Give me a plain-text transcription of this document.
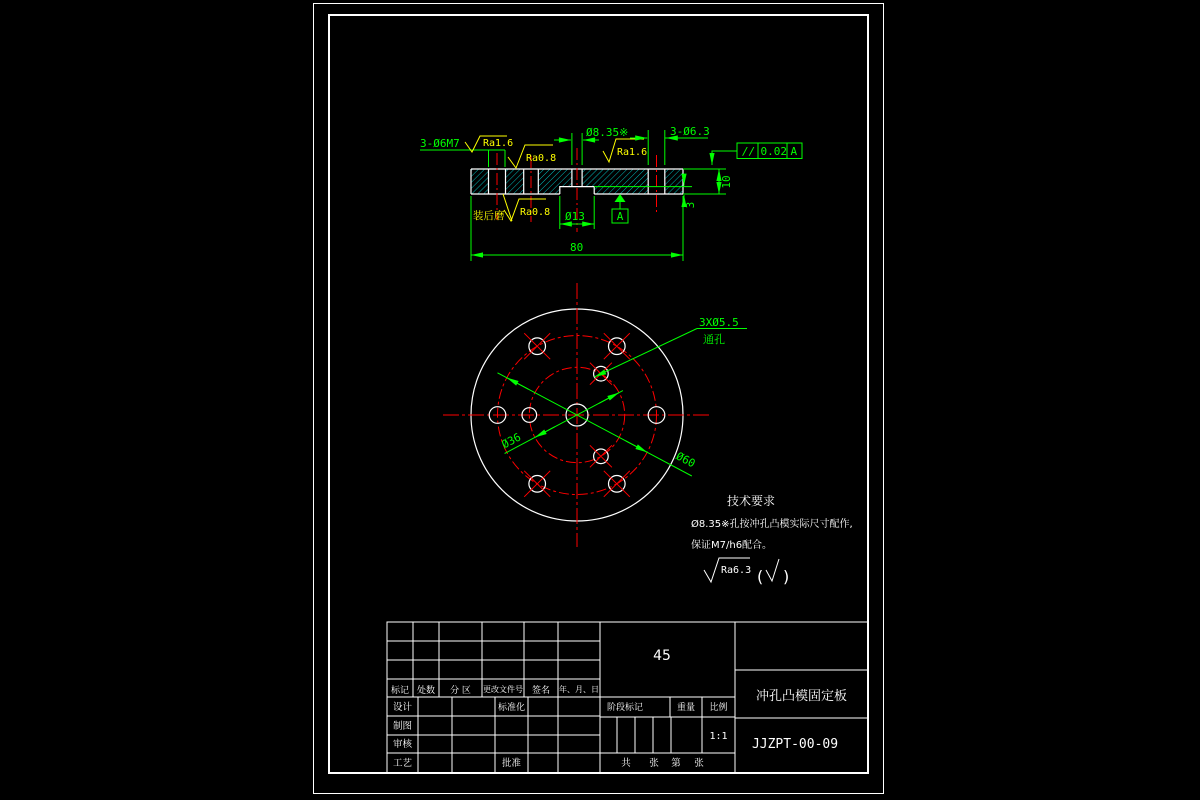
3-Ø6M7 Ra1.6
Ra0.8
Ø8.35※
Ra1.6
3-Ø6.3
// 0.02 A
10
3
Ø13
80
A
Ra0.8
装后磨
Ø60
Ø36
3XØ5.5
通孔
技术要求
Ø8.35※孔按冲孔凸模实际尺寸配作,
保证M7/h6配合。
Ra6.3 ( )
标记 处数 分 区 更改文件号 签名 年、月、日
设计
制图
审核
工艺
标准化
批准
45
阶段标记	重量 比例
1:1
共 张 第 张
冲孔凸模固定板
JJZPT-00-09
